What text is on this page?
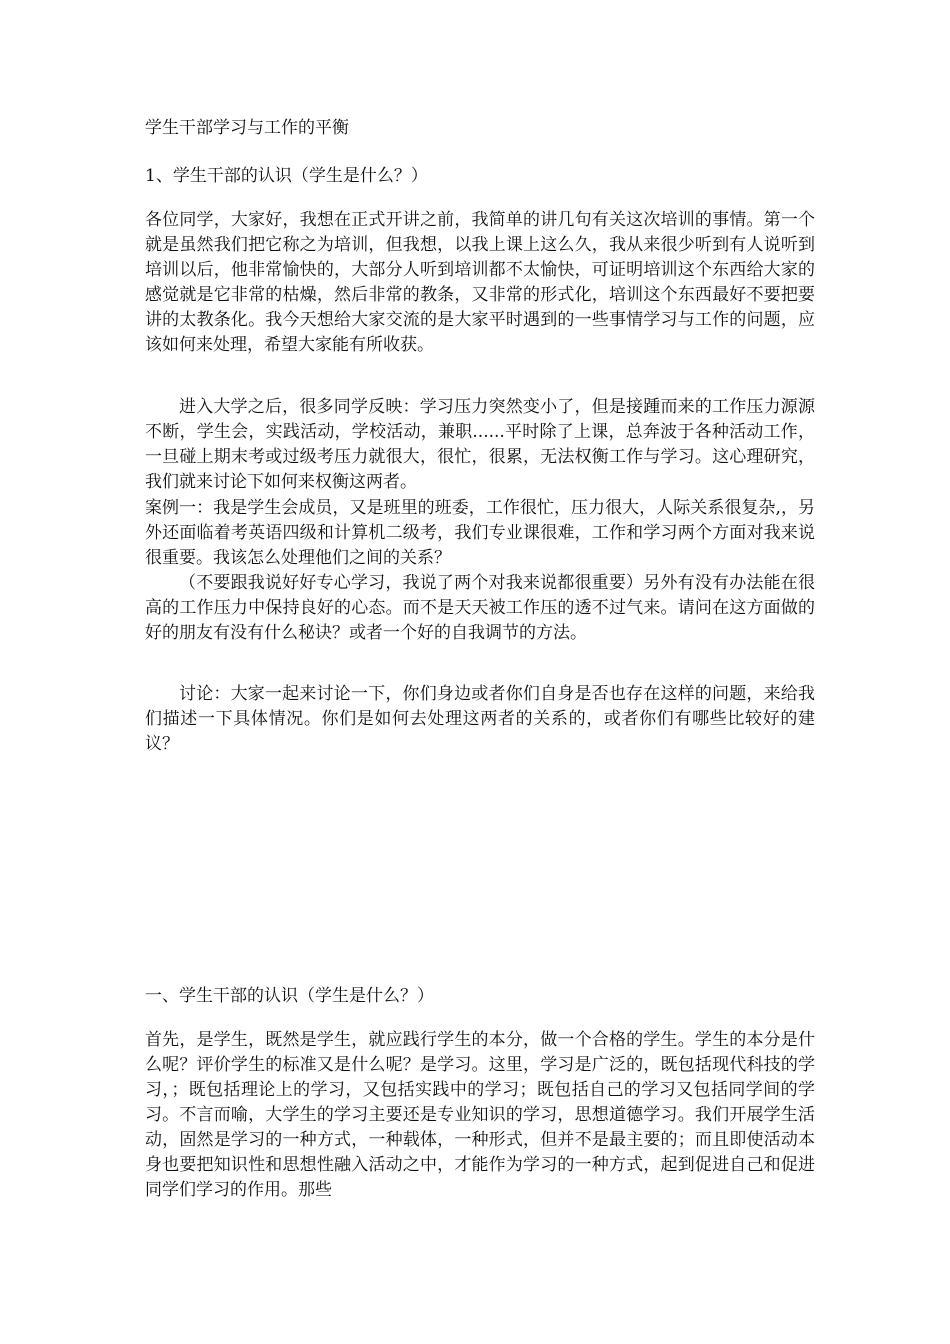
学生干部学习与工作的平衡

1、学生干部的认识（学生是什么？）

各位同学，大家好，我想在正式开讲之前，我简单的讲几句有关这次培训的事情。第一个就是虽然我们把它称之为培训，但我想，以我上课上这么久，我从来很少听到有人说听到培训以后，他非常愉快的，大部分人听到培训都不太愉快，可证明培训这个东西给大家的感觉就是它非常的枯燥，然后非常的教条，又非常的形式化，培训这个东西最好不要把要讲的太教条化。我今天想给大家交流的是大家平时遇到的一些事情学习与工作的问题，应该如何来处理，希望大家能有所收获。

进入大学之后，很多同学反映：学习压力突然变小了，但是接踵而来的工作压力源源不断，学生会，实践活动，学校活动，兼职......平时除了上课，总奔波于各种活动工作，一旦碰上期末考或过级考压力就很大，很忙，很累，无法权衡工作与学习。这心理研究，我们就来讨论下如何来权衡这两者。

案例一：我是学生会成员，又是班里的班委，工作很忙，压力很大，人际关系很复杂,，另外还面临着考英语四级和计算机二级考，我们专业课很难，工作和学习两个方面对我来说很重要。我该怎么处理他们之间的关系？

（不要跟我说好好专心学习，我说了两个对我来说都很重要）另外有没有办法能在很高的工作压力中保持良好的心态。而不是天天被工作压的透不过气来。请问在这方面做的好的朋友有没有什么秘诀？或者一个好的自我调节的方法。

讨论：大家一起来讨论一下，你们身边或者你们自身是否也存在这样的问题，来给我们描述一下具体情况。你们是如何去处理这两者的关系的，或者你们有哪些比较好的建议？

一、学生干部的认识（学生是什么？）

首先，是学生，既然是学生，就应践行学生的本分，做一个合格的学生。学生的本分是什么呢？评价学生的标准又是什么呢？是学习。这里，学习是广泛的，既包括现代科技的学习，；既包括理论上的学习，又包括实践中的学习；既包括自己的学习又包括同学间的学习。不言而喻，大学生的学习主要还是专业知识的学习，思想道德学习。我们开展学生活动，固然是学习的一种方式，一种载体，一种形式，但并不是最主要的；而且即使活动本身也要把知识性和思想性融入活动之中，才能作为学习的一种方式，起到促进自己和促进同学们学习的作用。那些
